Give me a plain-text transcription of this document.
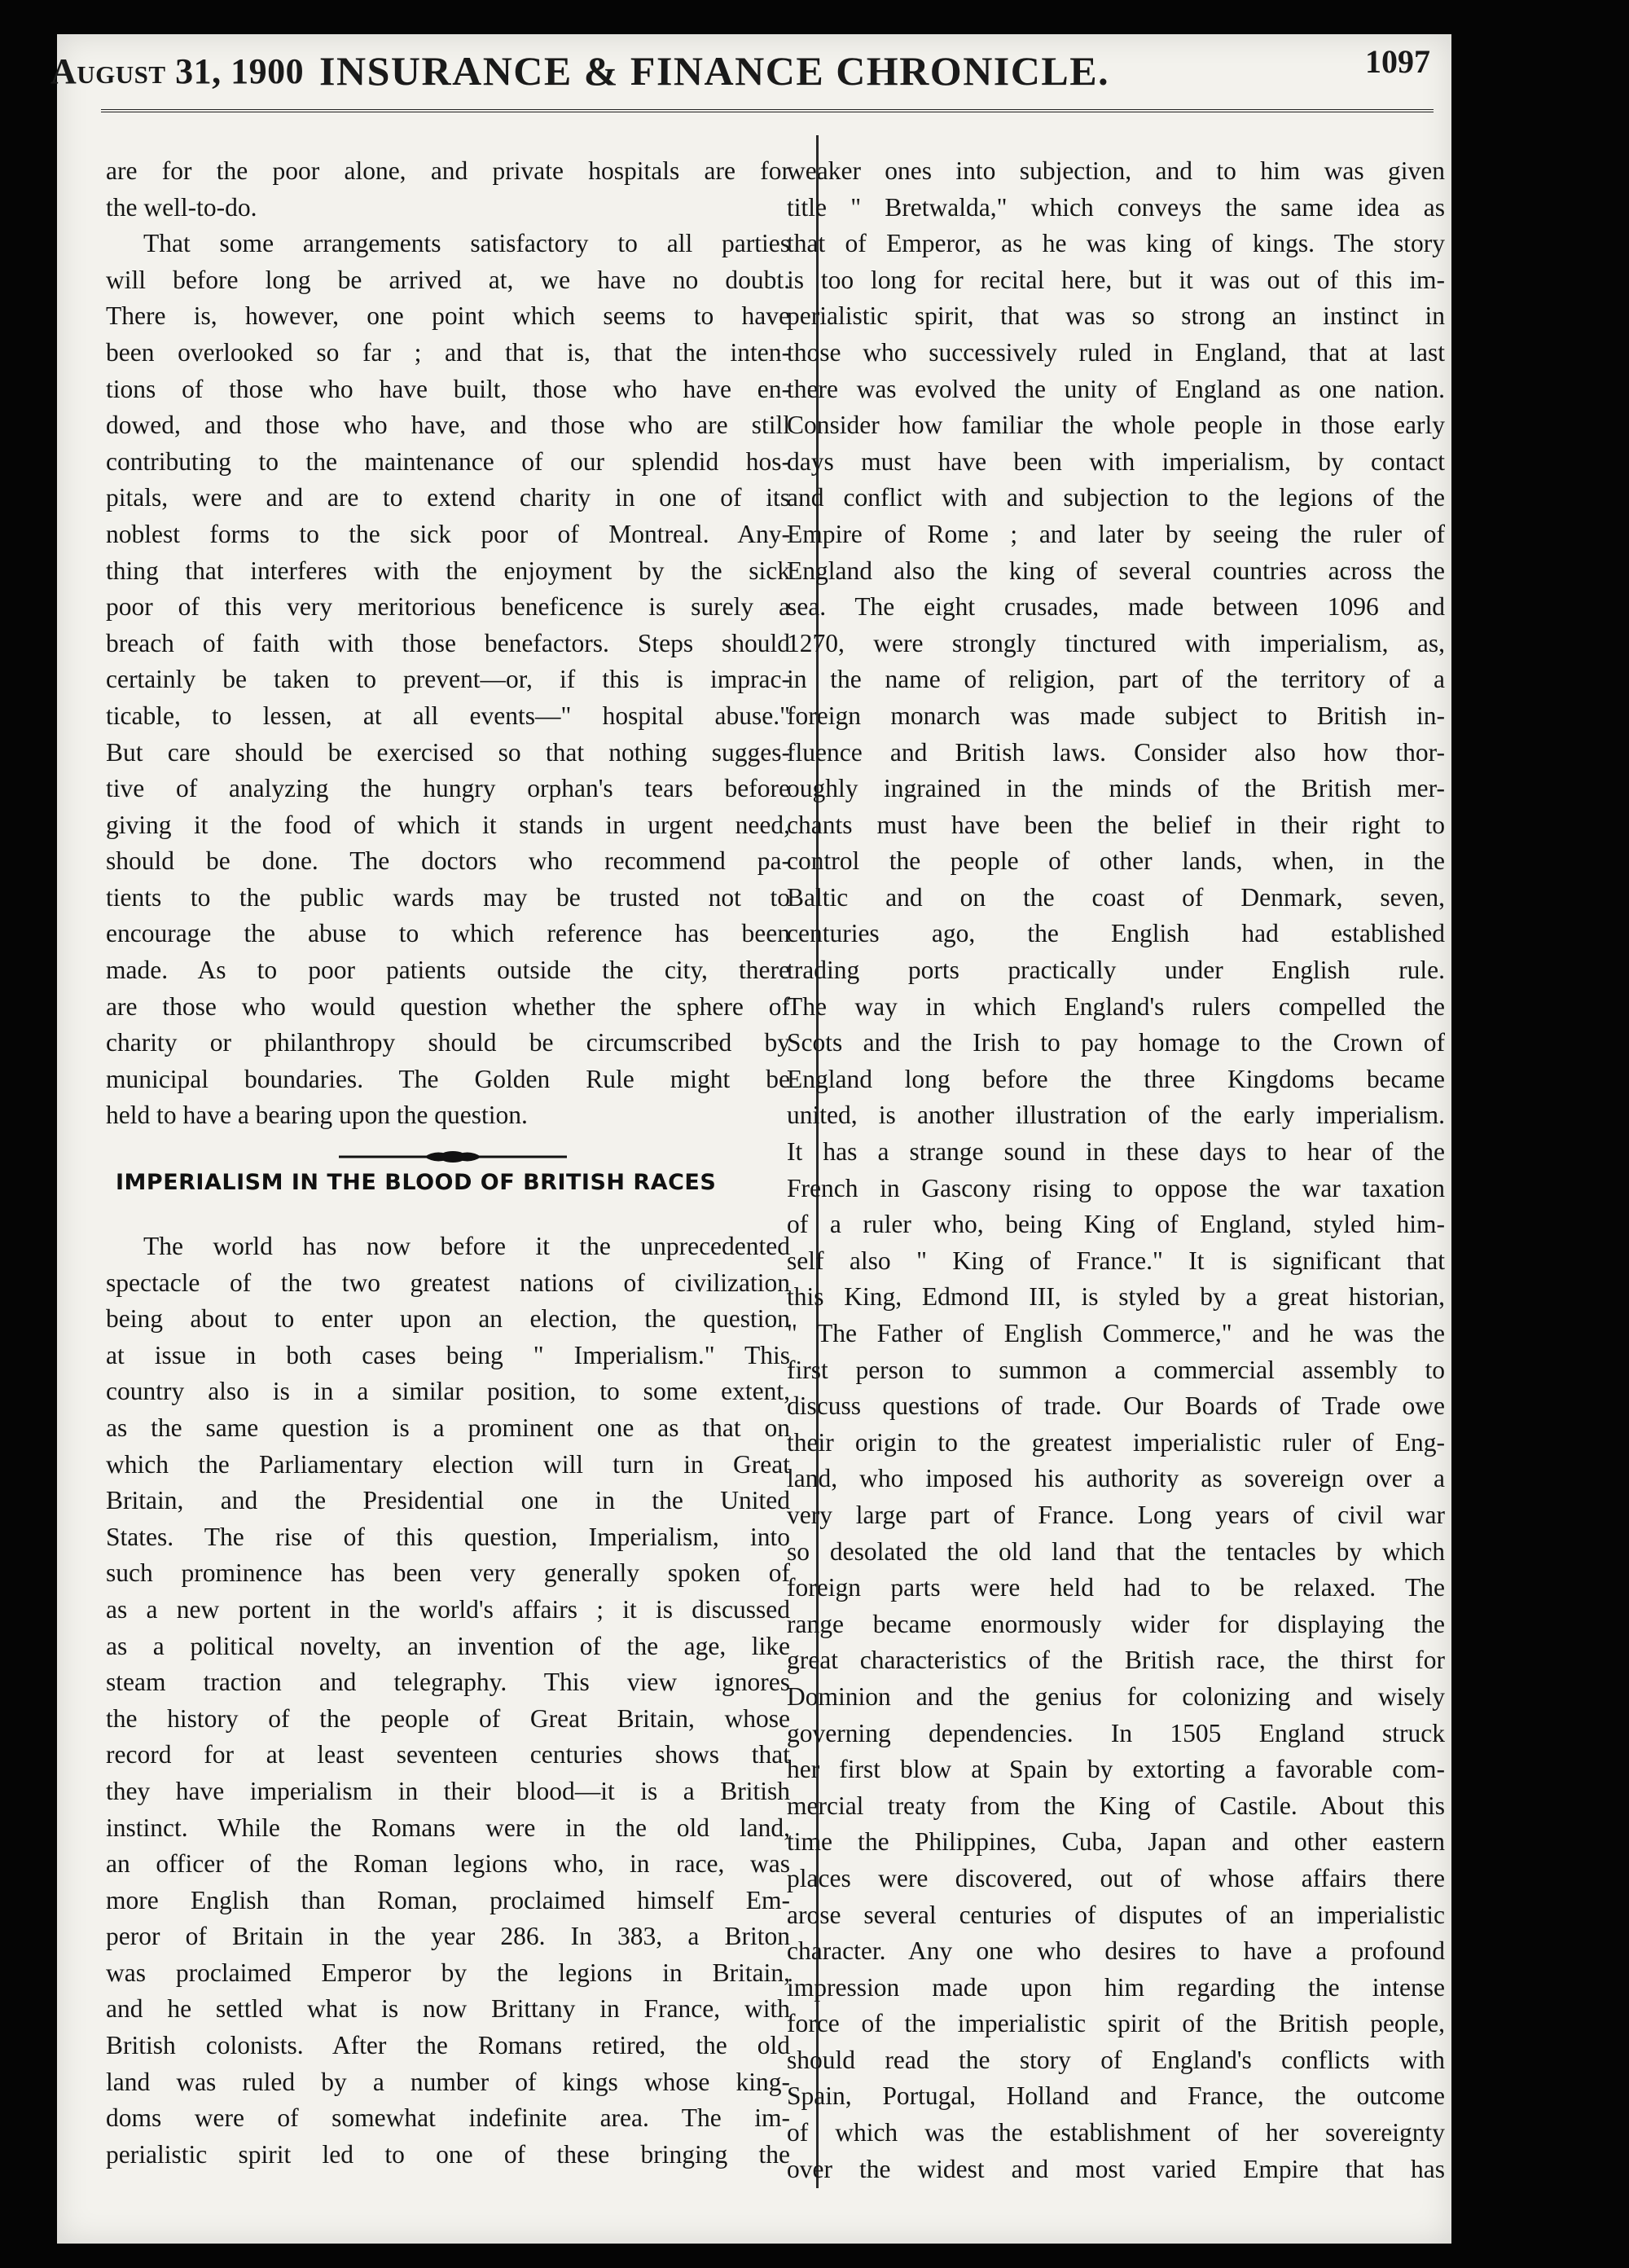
August 31, 1900 INSURANCE & FINANCE CHRONICLE.	1097
are for the poor alone, and private hospitals are for
the well-to-do.
That some arrangements satisfactory to all parties
will before long be arrived at, we have no doubt.
There is, however, one point which seems to have
been overlooked so far ; and that is, that the inten-
tions of those who have built, those who have en-
dowed, and those who have, and those who are still
contributing to the maintenance of our splendid hos-
pitals, were and are to extend charity in one of its
noblest forms to the sick poor of Montreal. Any-
thing that interferes with the enjoyment by the sick
poor of this very meritorious beneficence is surely a
breach of faith with those benefactors. Steps should
certainly be taken to prevent—or, if this is imprac-
ticable, to lessen, at all events—" hospital abuse."
But care should be exercised so that nothing sugges-
tive of analyzing the hungry orphan's tears before
giving it the food of which it stands in urgent need,
should be done. The doctors who recommend pa-
tients to the public wards may be trusted not to
encourage the abuse to which reference has been
made. As to poor patients outside the city, there
are those who would question whether the sphere of
charity or philanthropy should be circumscribed by
municipal boundaries. The Golden Rule might be
held to have a bearing upon the question.
IMPERIALISM IN THE BLOOD OF BRITISH RACES
The world has now before it the unprecedented
spectacle of the two greatest nations of civilization
being about to enter upon an election, the question
at issue in both cases being " Imperialism." This
country also is in a similar position, to some extent,
as the same question is a prominent one as that on
which the Parliamentary election will turn in Great
Britain, and the Presidential one in the United
States. The rise of this question, Imperialism, into
such prominence has been very generally spoken of
as a new portent in the world's affairs ; it is discussed
as a political novelty, an invention of the age, like
steam traction and telegraphy. This view ignores
the history of the people of Great Britain, whose
record for at least seventeen centuries shows that
they have imperialism in their blood—it is a British
instinct. While the Romans were in the old land,
an officer of the Roman legions who, in race, was
more English than Roman, proclaimed himself Em-
peror of Britain in the year 286. In 383, a Briton
was proclaimed Emperor by the legions in Britain,
and he settled what is now Brittany in France, with
British colonists. After the Romans retired, the old
land was ruled by a number of kings whose king-
doms were of somewhat indefinite area. The im-
perialistic spirit led to one of these bringing the
weaker ones into subjection, and to him was given
title " Bretwalda," which conveys the same idea as
that of Emperor, as he was king of kings. The story
is too long for recital here, but it was out of this im-
perialistic spirit, that was so strong an instinct in
those who successively ruled in England, that at last
there was evolved the unity of England as one nation.
Consider how familiar the whole people in those early
days must have been with imperialism, by contact
and conflict with and subjection to the legions of the
Empire of Rome ; and later by seeing the ruler of
England also the king of several countries across the
sea. The eight crusades, made between 1096 and
1270, were strongly tinctured with imperialism, as,
in the name of religion, part of the territory of a
foreign monarch was made subject to British in-
fluence and British laws. Consider also how thor-
oughly ingrained in the minds of the British mer-
chants must have been the belief in their right to
control the people of other lands, when, in the
Baltic and on the coast of Denmark, seven,
centuries ago, the English had established
trading ports practically under English rule.
The way in which England's rulers compelled the
Scots and the Irish to pay homage to the Crown of
England long before the three Kingdoms became
united, is another illustration of the early imperialism.
It has a strange sound in these days to hear of the
French in Gascony rising to oppose the war taxation
of a ruler who, being King of England, styled him-
self also " King of France." It is significant that
this King, Edmond III, is styled by a great historian,
" The Father of English Commerce," and he was the
first person to summon a commercial assembly to
discuss questions of trade. Our Boards of Trade owe
their origin to the greatest imperialistic ruler of Eng-
land, who imposed his authority as sovereign over a
very large part of France. Long years of civil war
so desolated the old land that the tentacles by which
foreign parts were held had to be relaxed. The
range became enormously wider for displaying the
great characteristics of the British race, the thirst for
Dominion and the genius for colonizing and wisely
governing dependencies. In 1505 England struck
her first blow at Spain by extorting a favorable com-
mercial treaty from the King of Castile. About this
time the Philippines, Cuba, Japan and other eastern
places were discovered, out of whose affairs there
arose several centuries of disputes of an imperialistic
character. Any one who desires to have a profound
impression made upon him regarding the intense
force of the imperialistic spirit of the British people,
should read the story of England's conflicts with
Spain, Portugal, Holland and France, the outcome
of which was the establishment of her sovereignty
over the widest and most varied Empire that has
